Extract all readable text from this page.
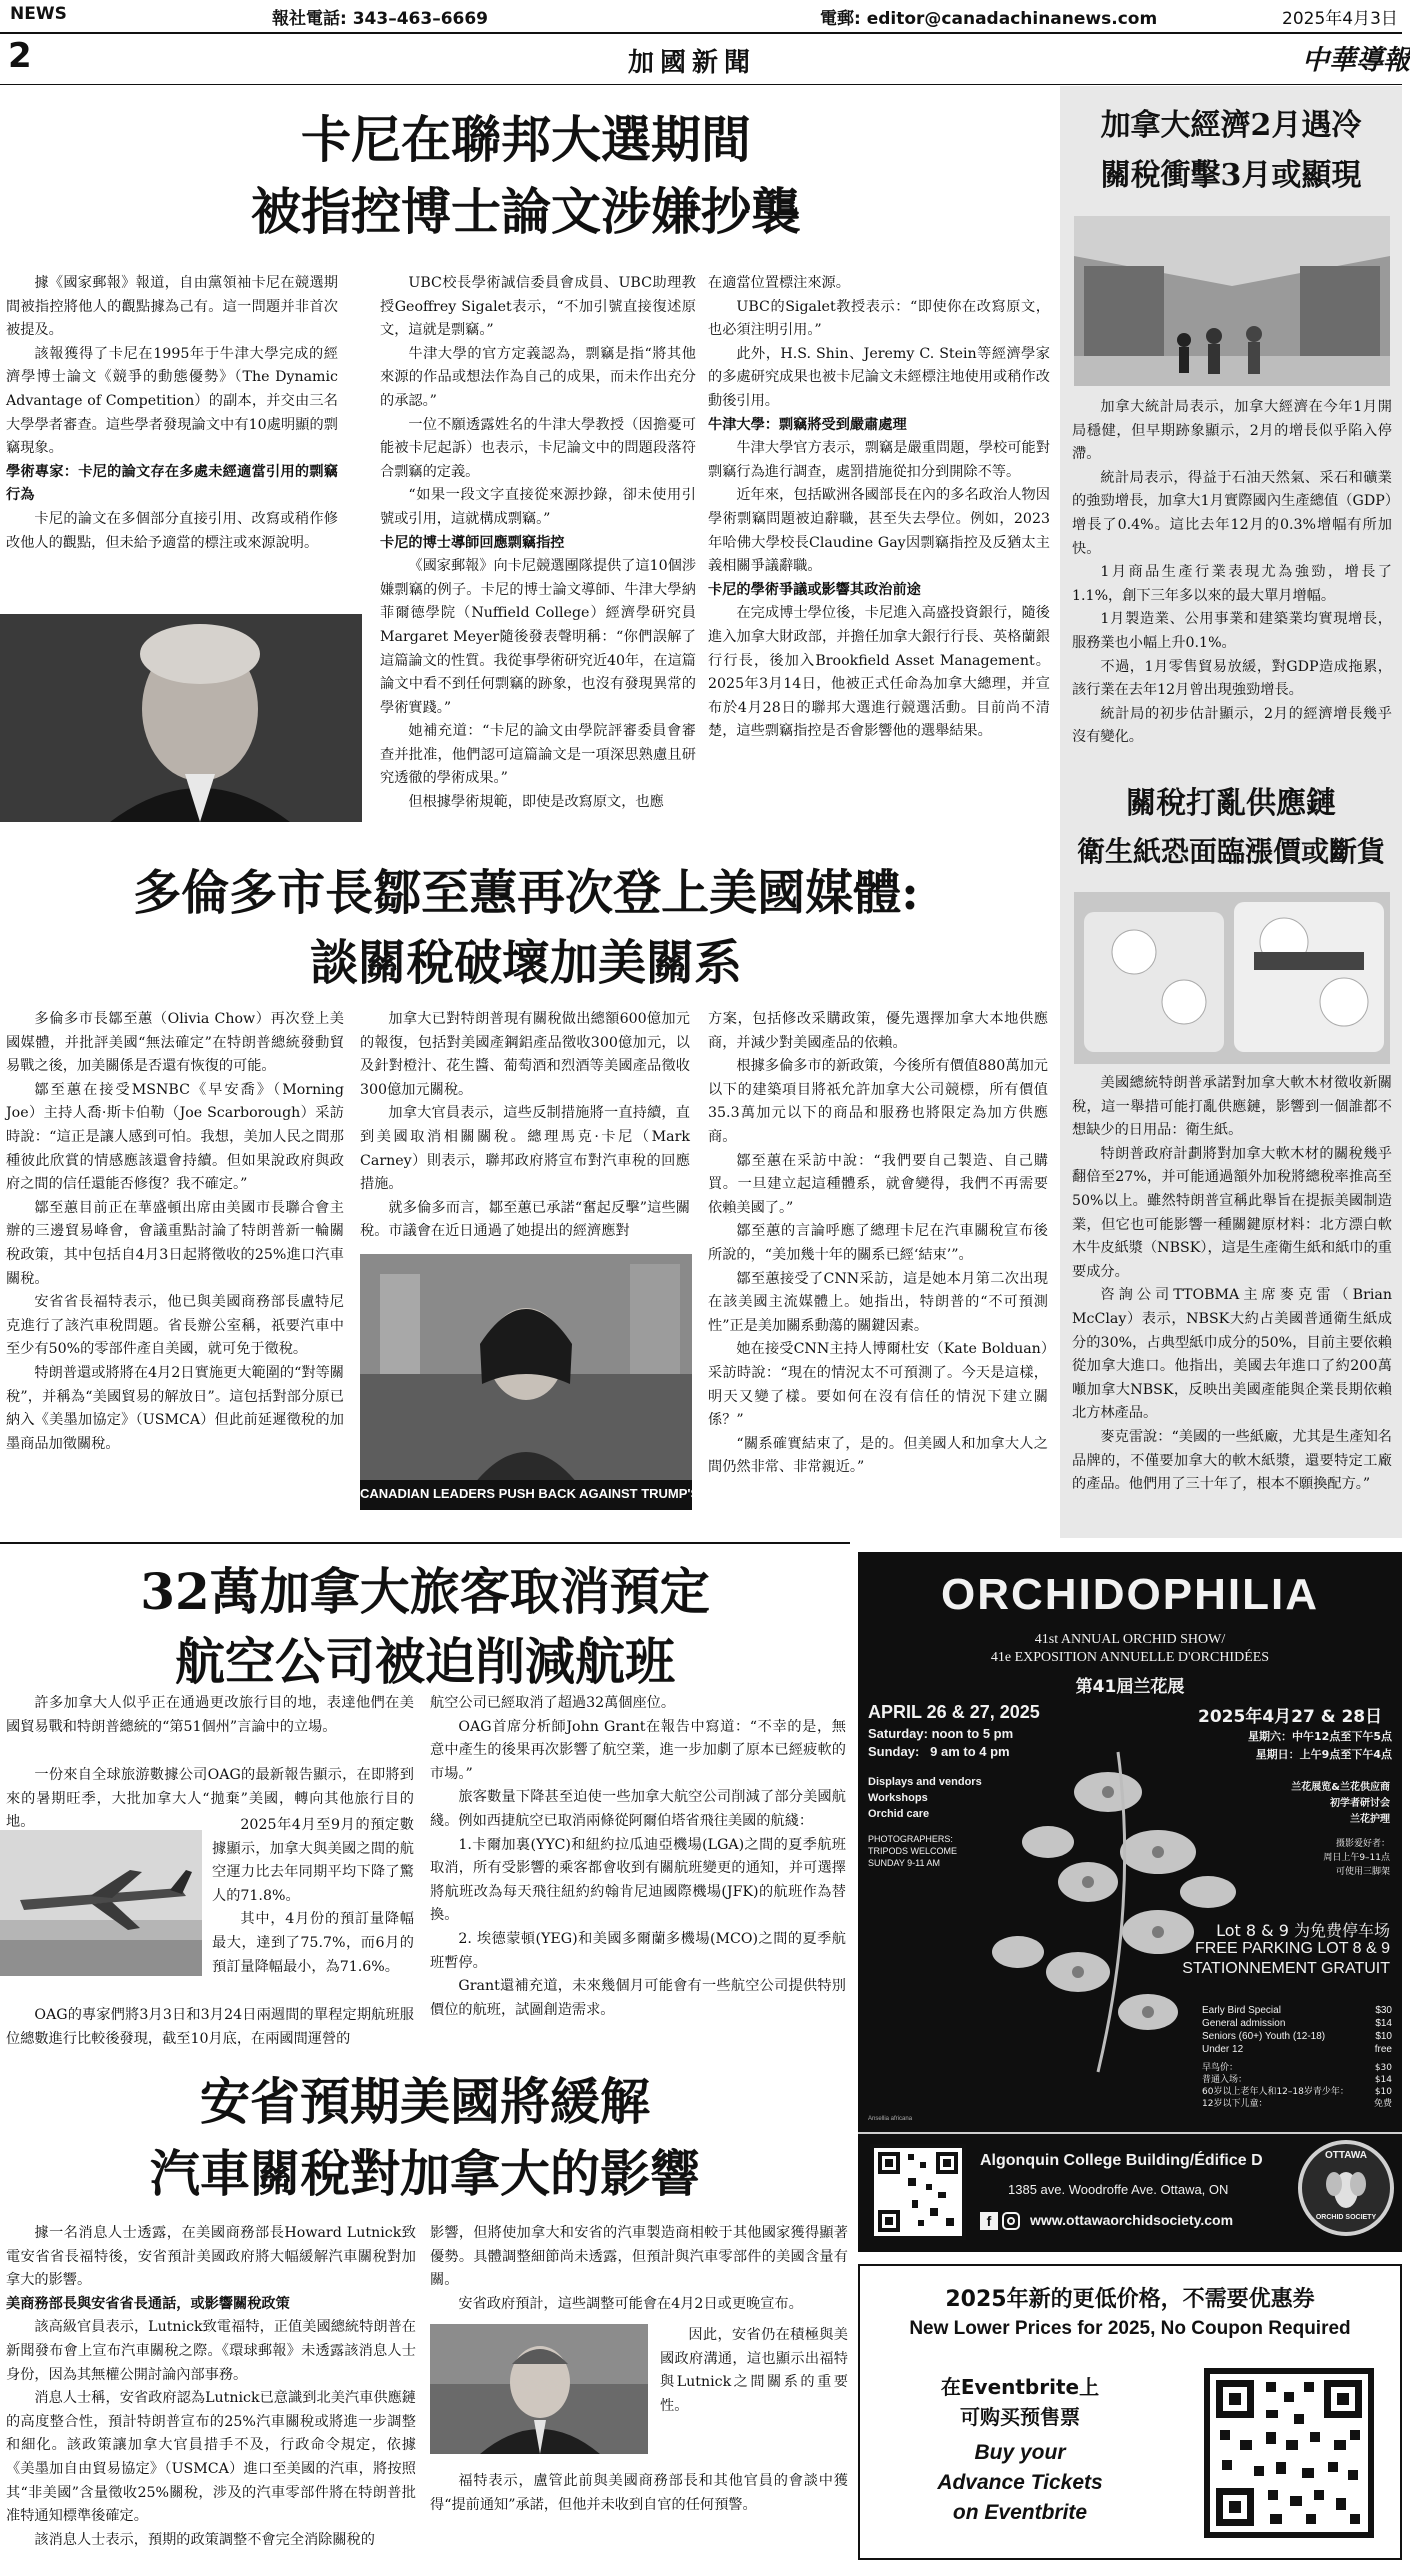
NEWS	報社電話: 343–463–6669	電郵: editor@canadachinanews.com	2025年4月3日
2	加國新聞	中華導報
卡尼在聯邦大選期間
被指控博士論文涉嫌抄襲

據《國家郵報》報道，自由黨領袖卡尼在競選期間被指控將他人的觀點據為己有。這一問題并非首次被提及。

該報獲得了卡尼在1995年于牛津大學完成的經濟學博士論文《競爭的動態優勢》（The Dynamic Advantage of Competition）的副本，并交由三名大學學者審查。這些學者發現論文中有10處明顯的剽竊現象。

學術專家：卡尼的論文存在多處未經適當引用的剽竊行為

卡尼的論文在多個部分直接引用、改寫或稍作修改他人的觀點，但未給予適當的標注或來源說明。

UBC校長學術誠信委員會成員、UBC助理教授Geoffrey Sigalet表示，“不加引號直接復述原文，這就是剽竊。”

牛津大學的官方定義認為，剽竊是指“將其他來源的作品或想法作為自己的成果，而未作出充分的承認。”

一位不願透露姓名的牛津大學教授（因擔憂可能被卡尼起訴）也表示，卡尼論文中的問題段落符合剽竊的定義。

“如果一段文字直接從來源抄錄，卻未使用引號或引用，這就構成剽竊。”

卡尼的博士導師回應剽竊指控

《國家郵報》向卡尼競選團隊提供了這10個涉嫌剽竊的例子。卡尼的博士論文導師、牛津大學納菲爾德學院（Nuffield College）經濟學研究員Margaret Meyer隨後發表聲明稱：“你們誤解了這篇論文的性質。我從事學術研究近40年，在這篇論文中看不到任何剽竊的跡象，也沒有發現異常的學術實踐。”

她補充道：“卡尼的論文由學院評審委員會審查并批准，他們認可這篇論文是一項深思熟慮且研究透徹的學術成果。”

但根據學術規範，即使是改寫原文，也應

在適當位置標注來源。

UBC的Sigalet教授表示：“即使你在改寫原文，也必須注明引用。”

此外，H.S. Shin、Jeremy C. Stein等經濟學家的多處研究成果也被卡尼論文未經標注地使用或稍作改動後引用。

牛津大學：剽竊將受到嚴肅處理

牛津大學官方表示，剽竊是嚴重問題，學校可能對剽竊行為進行調查，處罰措施從扣分到開除不等。

近年來，包括歐洲各國部長在內的多名政治人物因學術剽竊問題被迫辭職，甚至失去學位。例如，2023年哈佛大學校長Claudine Gay因剽竊指控及反猶太主義相關爭議辭職。

卡尼的學術爭議或影響其政治前途

在完成博士學位後，卡尼進入高盛投資銀行，隨後進入加拿大財政部，并擔任加拿大銀行行長、英格蘭銀行行長，後加入Brookfield Asset Management。2025年3月14日，他被正式任命為加拿大總理，并宣布於4月28日的聯邦大選進行競選活動。目前尚不清楚，這些剽竊指控是否會影響他的選舉結果。

多倫多市長鄒至蕙再次登上美國媒體:
談關稅破壞加美關系

多倫多市長鄒至蕙（Olivia Chow）再次登上美國媒體，并批評美國“無法確定”在特朗普總統發動貿易戰之後，加美關係是否還有恢復的可能。

鄒至蕙在接受MSNBC《早安喬》（Morning Joe）主持人喬·斯卡伯勒（Joe Scarborough）采訪時說：“這正是讓人感到可怕。我想，美加人民之間那種彼此欣賞的情感應該還會持續。但如果說政府與政府之間的信任還能否修復？我不確定。”

鄒至蕙目前正在華盛頓出席由美國市長聯合會主辦的三邊貿易峰會，會議重點討論了特朗普新一輪關稅政策，其中包括自4月3日起將徵收的25%進口汽車關稅。

安省省長福特表示，他已與美國商務部長盧特尼克進行了該汽車稅問題。省長辦公室稱，祇要汽車中至少有50%的零部件產自美國，就可免于徵稅。

特朗普還或將將在4月2日實施更大範圍的“對等關稅”，并稱為“美國貿易的解放日”。這包括對部分原已納入《美墨加協定》（USMCA）但此前延遲徵稅的加墨商品加徵關稅。

加拿大已對特朗普現有關稅做出總額600億加元的報復，包括對美國產鋼鋁產品徵收300億加元，以及針對橙汁、花生醬、葡萄酒和烈酒等美國產品徵收300億加元關稅。

加拿大官員表示，這些反制措施將一直持續，直到美國取消相關關稅。總理馬克·卡尼（Mark Carney）則表示，聯邦政府將宣布對汽車稅的回應措施。

就多倫多而言，鄒至蕙已承諾“奮起反擊”這些關稅。市議會在近日通過了她提出的經濟應對

CANADIAN LEADERS PUSH BACK AGAINST TRUMP'S TRADE WAR

方案，包括修改采購政策，優先選擇加拿大本地供應商，并減少對美國產品的依賴。

根據多倫多市的新政策，今後所有價值880萬加元以下的建築項目將祇允許加拿大公司競標，所有價值35.3萬加元以下的商品和服務也將限定為加方供應商。

鄒至蕙在采訪中說：“我們要自己製造、自己購買。一旦建立起這種體系，就會變得，我們不再需要依賴美國了。”

鄒至蕙的言論呼應了總理卡尼在汽車關稅宣布後所說的，“美加幾十年的關系已經‘結束’”。

鄒至蕙接受了CNN采訪，這是她本月第二次出現在該美國主流媒體上。她指出，特朗普的“不可預測性”正是美加關系動蕩的關鍵因素。

她在接受CNN主持人博爾杜安（Kate Bolduan）采訪時說：“現在的情況太不可預測了。今天是這樣，明天又變了樣。要如何在沒有信任的情況下建立關係？”

“關系確實結束了，是的。但美國人和加拿大人之間仍然非常、非常親近。”

加拿大經濟2月遇冷
關稅衝擊3月或顯現

加拿大統計局表示，加拿大經濟在今年1月開局穩健，但早期跡象顯示，2月的增長似乎陷入停滯。

統計局表示，得益于石油天然氣、采石和礦業的強勁增長，加拿大1月實際國內生產總值（GDP）增長了0.4%。這比去年12月的0.3%增幅有所加快。

1月商品生產行業表現尤為強勁，增長了1.1%，創下三年多以來的最大單月增幅。

1月製造業、公用事業和建築業均實現增長，服務業也小幅上升0.1%。

不過，1月零售貿易放緩，對GDP造成拖累，該行業在去年12月曾出現強勁增長。

統計局的初步估計顯示，2月的經濟增長幾乎沒有變化。

關稅打亂供應鏈
衛生紙恐面臨漲價或斷貨

美國總統特朗普承諾對加拿大軟木材徵收新關稅，這一舉措可能打亂供應鏈，影響到一個誰都不想缺少的日用品：衛生紙。

特朗普政府計劃將對加拿大軟木材的關稅幾乎翻倍至27%，并可能通過額外加稅將總稅率推高至50%以上。雖然特朗普宣稱此舉旨在提振美國制造業，但它也可能影響一種關鍵原材料：北方漂白軟木牛皮紙漿（NBSK），這是生產衛生紙和紙巾的重要成分。

咨詢公司TTOBMA主席麥克雷（Brian McClay）表示，NBSK大約占美國普通衛生紙成分的30%，占典型紙巾成分的50%，目前主要依賴從加拿大進口。他指出，美國去年進口了約200萬噸加拿大NBSK，反映出美國產能與企業長期依賴北方林產品。

麥克雷說：“美國的一些紙廠，尤其是生產知名品牌的，不僅要加拿大的軟木紙漿，還要特定工廠的產品。他們用了三十年了，根本不願換配方。”

32萬加拿大旅客取消預定
航空公司被迫削減航班

許多加拿大人似乎正在通過更改旅行目的地，表達他們在美國貿易戰和特朗普總統的“第51個州”言論中的立場。

一份來自全球旅游數據公司OAG的最新報告顯示，在即將到來的暑期旺季，大批加拿大人“拋棄”美國，轉向其他旅行目的地。	2025年4月至9月的預定數據顯示，加拿大與美國之間的航空運力比去年同期平均下降了驚人的71.8%。

其中，4月份的預訂量降幅最大，達到了75.7%，而6月的預訂量降幅最小，為71.6%。

OAG的專家們將3月3日和3月24日兩週間的單程定期航班服位總數進行比較後發現，截至10月底，在兩國間運營的

航空公司已經取消了超過32萬個座位。

OAG首席分析師John Grant在報告中寫道：“不幸的是，無意中產生的後果再次影響了航空業，進一步加劇了原本已經疲軟的市場。”

旅客數量下降甚至迫使一些加拿大航空公司削減了部分美國航綫。例如西捷航空已取消兩條從阿爾伯塔省飛往美國的航綫：

1.卡爾加裏(YYC)和紐約拉瓜迪亞機場(LGA)之間的夏季航班取消，所有受影響的乘客都會收到有關航班變更的通知，并可選擇將航班改為每天飛往紐約約翰肯尼迪國際機場(JFK)的航班作為替換。

2. 埃德蒙頓(YEG)和美國多爾蘭多機場(MCO)之間的夏季航班暫停。

Grant還補充道，未來幾個月可能會有一些航空公司提供特別價位的航班，試圖創造需求。

安省預期美國將緩解
汽車關稅對加拿大的影響

據一名消息人士透露，在美國商務部長Howard Lutnick致電安省省長福特後，安省預計美國政府將大幅緩解汽車關稅對加拿大的影響。

美商務部長與安省省長通話，或影響關稅政策

該高級官員表示，Lutnick致電福特，正值美國總統特朗普在新聞發布會上宣布汽車關稅之際。《環球郵報》未透露該消息人士身份，因為其無權公開討論內部事務。

消息人士稱，安省政府認為Lutnick已意識到北美汽車供應鏈的高度整合性，預計特朗普宣布的25%汽車關稅或將進一步調整和細化。該政策讓加拿大官員措手不及，行政命令規定，依據《美墨加自由貿易協定》（USMCA）進口至美國的汽車，將按照其“非美國”含量徵收25%關稅，涉及的汽車零部件將在特朗普批准特通知標準後確定。

該消息人士表示，預期的政策調整不會完全消除關稅的

影響，但將使加拿大和安省的汽車製造商相較于其他國家獲得顯著優勢。具體調整細節尚未透露，但預計與汽車零部件的美國含量有關。

安省政府預計，這些調整可能會在4月2日或更晚宣布。

因此，安省仍在積極與美國政府溝通，這也顯示出福特與Lutnick之間關系的重要性。

福特表示，盧管此前與美國商務部長和其他官員的會談中獲得“提前通知”承諾，但他并未收到自官的任何預警。

ORCHIDOPHILIA
41st ANNUAL ORCHID SHOW/
41e EXPOSITION ANNUELLE D'ORCHIDÉES
第41屆兰花展
APRIL 26 & 27, 2025
Saturday: noon to 5 pm
Sunday:   9 am to 4 pm
Displays and vendors
Workshops
Orchid care
PHOTOGRAPHERS:
TRIPODS WELCOME
SUNDAY 9-11 AM
2025年4月27 & 28日
星期六：中午12点至下午5点
星期日：上午9点至下午4点
兰花展览&兰花供应商
初学者研讨会
兰花护理
摄影爱好者：
周日上午9–11点
可使用三脚架
Lot 8 & 9 为免费停车场
FREE PARKING LOT 8 & 9
STATIONNEMENT GRATUIT
Early Bird Special	$30
General admission	$14
Seniors (60+) Youth (12-18)	$10
Under 12	free
早鸟价：	$30
普通入场：	$14
60岁以上老年人和12–18岁青少年：	$10
12岁以下儿童：	免费
Ansellia africana
Algonquin College Building/Édifice D
1385 ave. Woodroffe Ave. Ottawa, ON
f	www.ottawaorchidsociety.com
OTTAWA
ORCHID SOCIETY
2025年新的更低价格，不需要优惠券
New Lower Prices for 2025, No Coupon Required
在Eventbrite上
可购买预售票
Buy your
Advance Tickets
on Eventbrite
